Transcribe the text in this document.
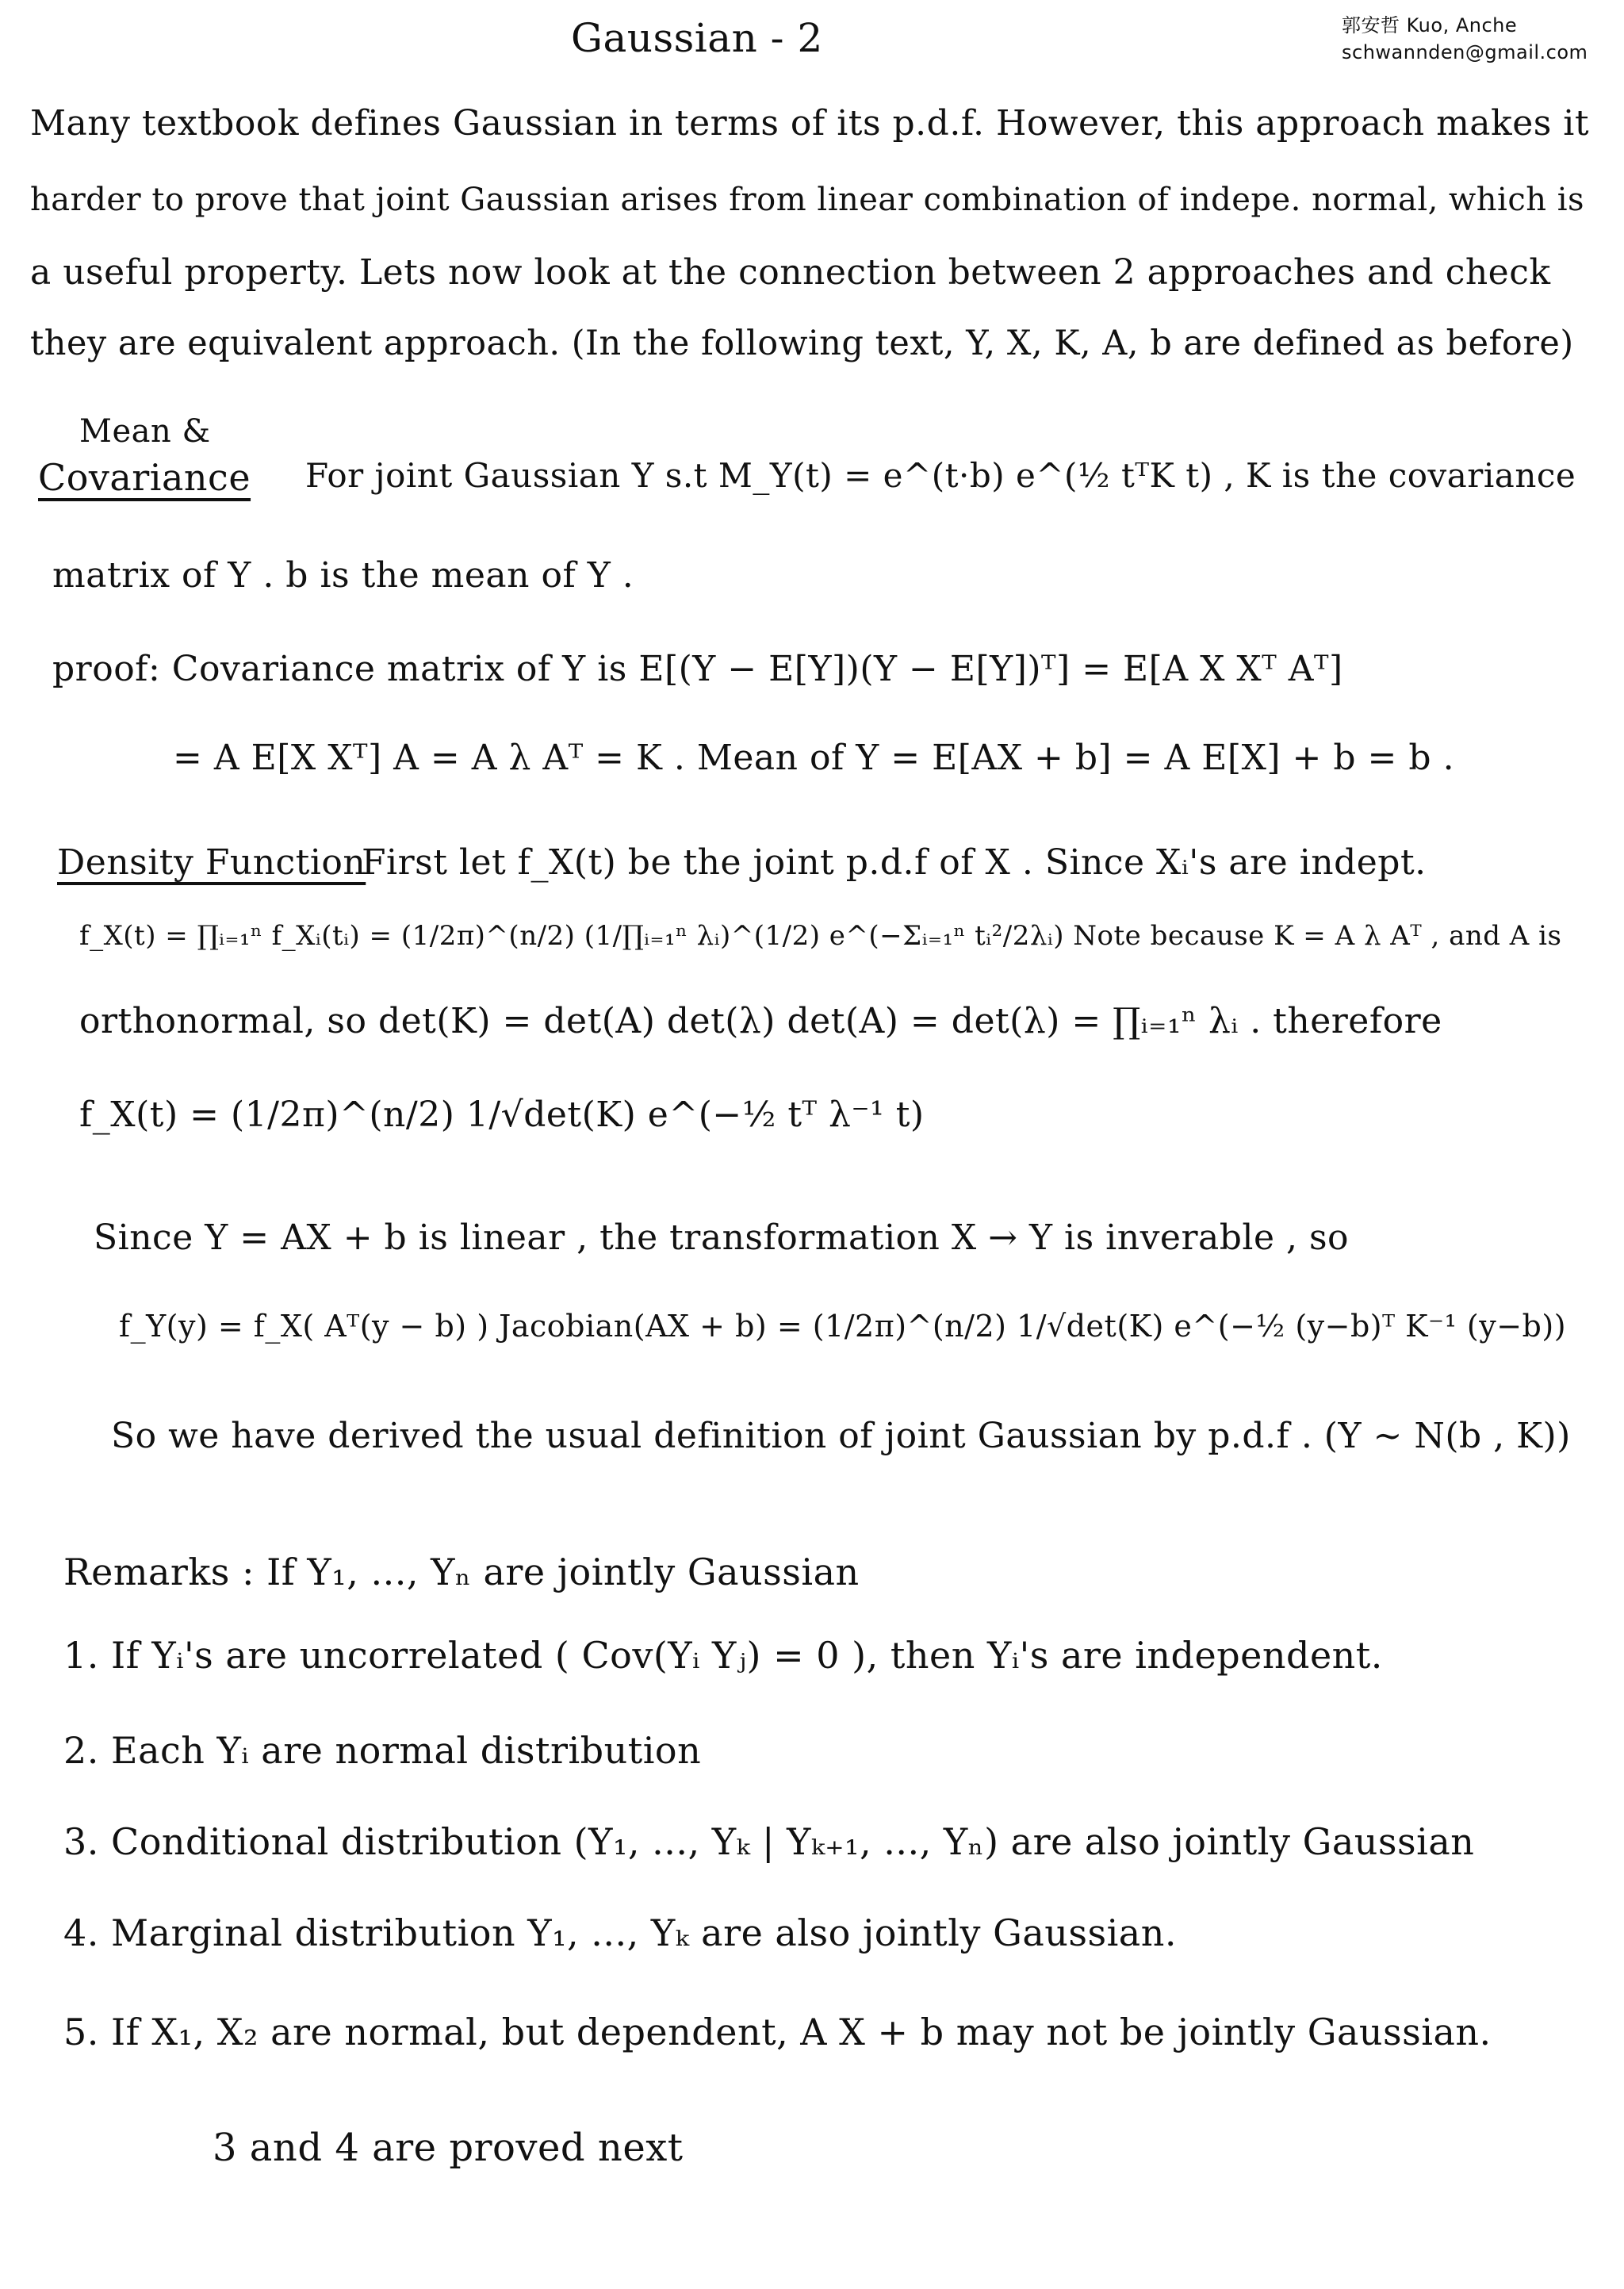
Gaussian - 2	郭安哲 Kuo, Anche
schwannden@gmail.com
Many textbook defines Gaussian in terms of its p.d.f. However, this approach makes it
harder to prove that joint Gaussian arises from linear combination of indepe. normal, which is
a useful property. Lets now look at the connection between 2 approaches and check
they are equivalent approach. (In the following text, Y, X, K, A, b are defined as before)
Mean &
Covariance For joint Gaussian Y s.t M_Y(t) = e^(t·b) e^(½ tᵀK t) , K is the covariance
matrix of Y . b is the mean of Y .
proof: Covariance matrix of Y is E[(Y − E[Y])(Y − E[Y])ᵀ] = E[A X Xᵀ Aᵀ]
= A E[X Xᵀ] A = A λ Aᵀ = K . Mean of Y = E[AX + b] = A E[X] + b = b .
Density Function
First let f_X(t) be the joint p.d.f of X . Since Xᵢ's are indept.
f_X(t) = ∏ᵢ₌₁ⁿ f_Xᵢ(tᵢ) = (1/2π)^(n/2) (1/∏ᵢ₌₁ⁿ λᵢ)^(1/2) e^(−Σᵢ₌₁ⁿ tᵢ²/2λᵢ) Note because K = A λ Aᵀ , and A is
orthonormal, so det(K) = det(A) det(λ) det(A) = det(λ) = ∏ᵢ₌₁ⁿ λᵢ . therefore
f_X(t) = (1/2π)^(n/2) 1/√det(K) e^(−½ tᵀ λ⁻¹ t)
Since Y = AX + b is linear , the transformation X → Y is inverable , so
f_Y(y) = f_X( Aᵀ(y − b) ) Jacobian(AX + b) = (1/2π)^(n/2) 1/√det(K) e^(−½ (y−b)ᵀ K⁻¹ (y−b))
So we have derived the usual definition of joint Gaussian by p.d.f . (Y ~ N(b , K))
Remarks : If Y₁, ..., Yₙ are jointly Gaussian
1. If Yᵢ's are uncorrelated ( Cov(Yᵢ Yⱼ) = 0 ), then Yᵢ's are independent.
2. Each Yᵢ are normal distribution
3. Conditional distribution (Y₁, ..., Yₖ | Yₖ₊₁, ..., Yₙ) are also jointly Gaussian
4. Marginal distribution Y₁, ..., Yₖ are also jointly Gaussian.
5. If X₁, X₂ are normal, but dependent, A X + b may not be jointly Gaussian.
3 and 4 are proved next
